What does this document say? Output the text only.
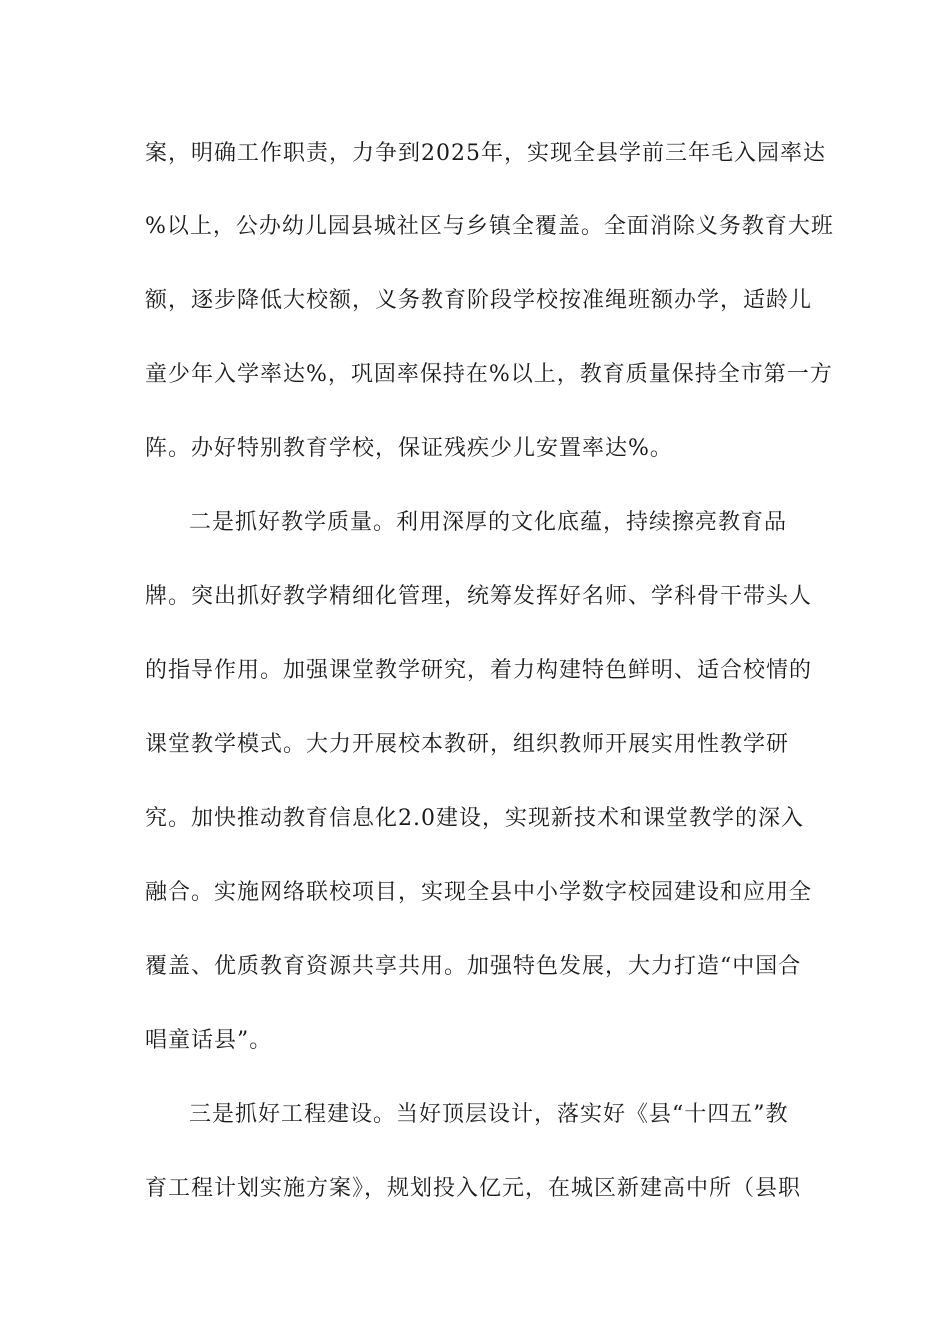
案，明确工作职责，力争到2025年，实现全县学前三年毛入园率达
%以上，公办幼儿园县城社区与乡镇全覆盖。全面消除义务教育大班
额，逐步降低大校额，义务教育阶段学校按准绳班额办学，适龄儿
童少年入学率达%，巩固率保持在%以上，教育质量保持全市第一方
阵。办好特别教育学校，保证残疾少儿安置率达%。
二是抓好教学质量。利用深厚的文化底蕴，持续擦亮教育品
牌。突出抓好教学精细化管理，统筹发挥好名师、学科骨干带头人
的指导作用。加强课堂教学研究，着力构建特色鲜明、适合校情的
课堂教学模式。大力开展校本教研，组织教师开展实用性教学研
究。加快推动教育信息化2.0建设，实现新技术和课堂教学的深入
融合。实施网络联校项目，实现全县中小学数字校园建设和应用全
覆盖、优质教育资源共享共用。加强特色发展，大力打造“中国合
唱童话县”。
三是抓好工程建设。当好顶层设计，落实好《县“十四五”教
育工程计划实施方案》，规划投入亿元，在城区新建高中所（县职
